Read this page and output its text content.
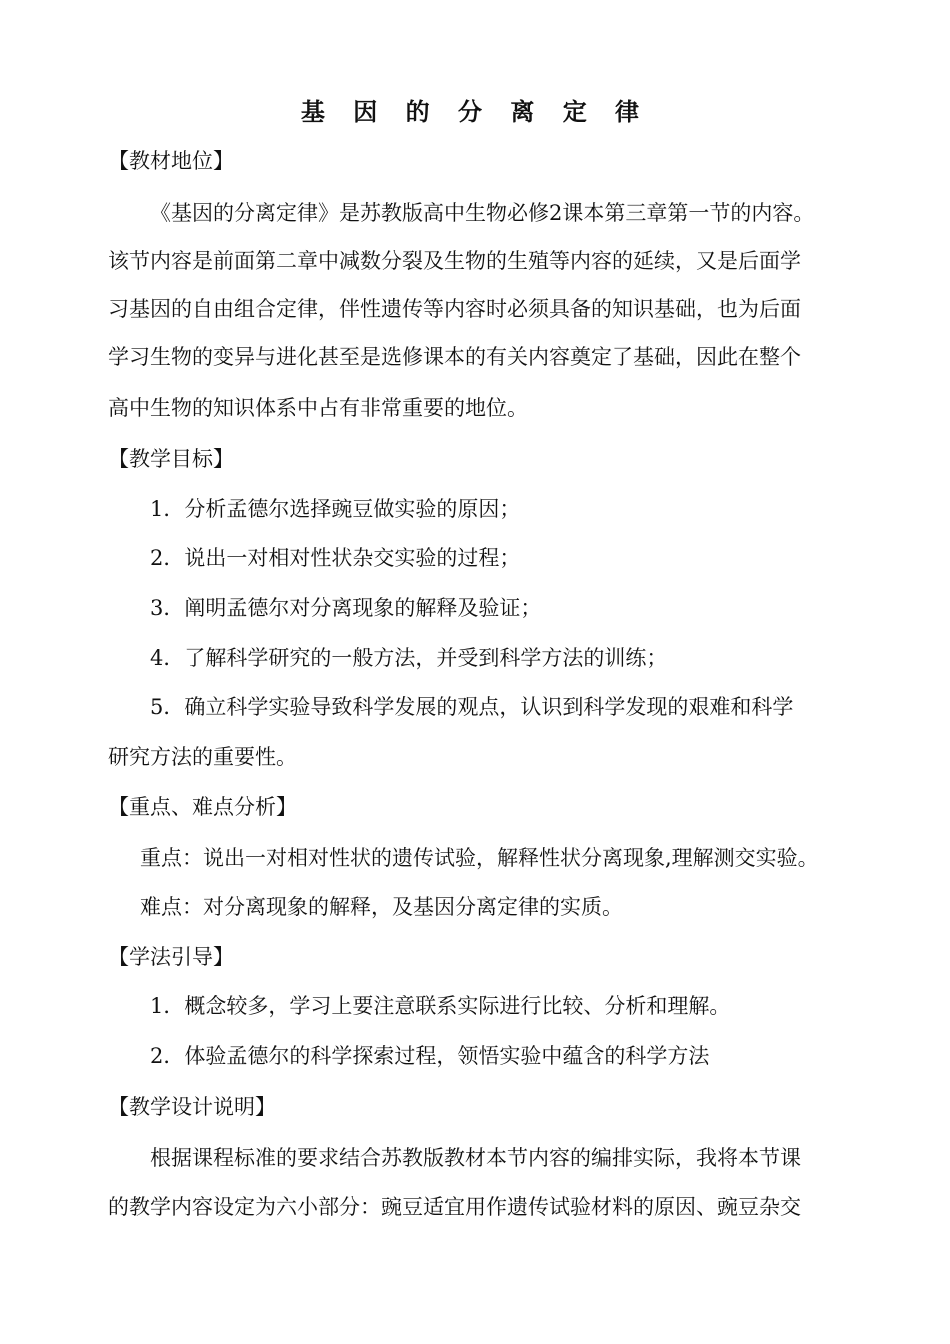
基 因 的 分 离 定 律
【教材地位】
《基因的分离定律》是苏教版高中生物必修2课本第三章第一节的内容。
该节内容是前面第二章中减数分裂及生物的生殖等内容的延续，又是后面学
习基因的自由组合定律，伴性遗传等内容时必须具备的知识基础，也为后面
学习生物的变异与进化甚至是选修课本的有关内容奠定了基础，因此在整个
高中生物的知识体系中占有非常重要的地位。
【教学目标】
1．分析孟德尔选择豌豆做实验的原因；
2．说出一对相对性状杂交实验的过程；
3．阐明孟德尔对分离现象的解释及验证；
4．了解科学研究的一般方法，并受到科学方法的训练；
5．确立科学实验导致科学发展的观点，认识到科学发现的艰难和科学
研究方法的重要性。
【重点、难点分析】
重点：说出一对相对性状的遗传试验，解释性状分离现象,理解测交实验。
难点：对分离现象的解释，及基因分离定律的实质。
【学法引导】
1．概念较多，学习上要注意联系实际进行比较、分析和理解。
2．体验孟德尔的科学探索过程，领悟实验中蕴含的科学方法
【教学设计说明】
根据课程标准的要求结合苏教版教材本节内容的编排实际，我将本节课
的教学内容设定为六小部分：豌豆适宜用作遗传试验材料的原因、豌豆杂交
